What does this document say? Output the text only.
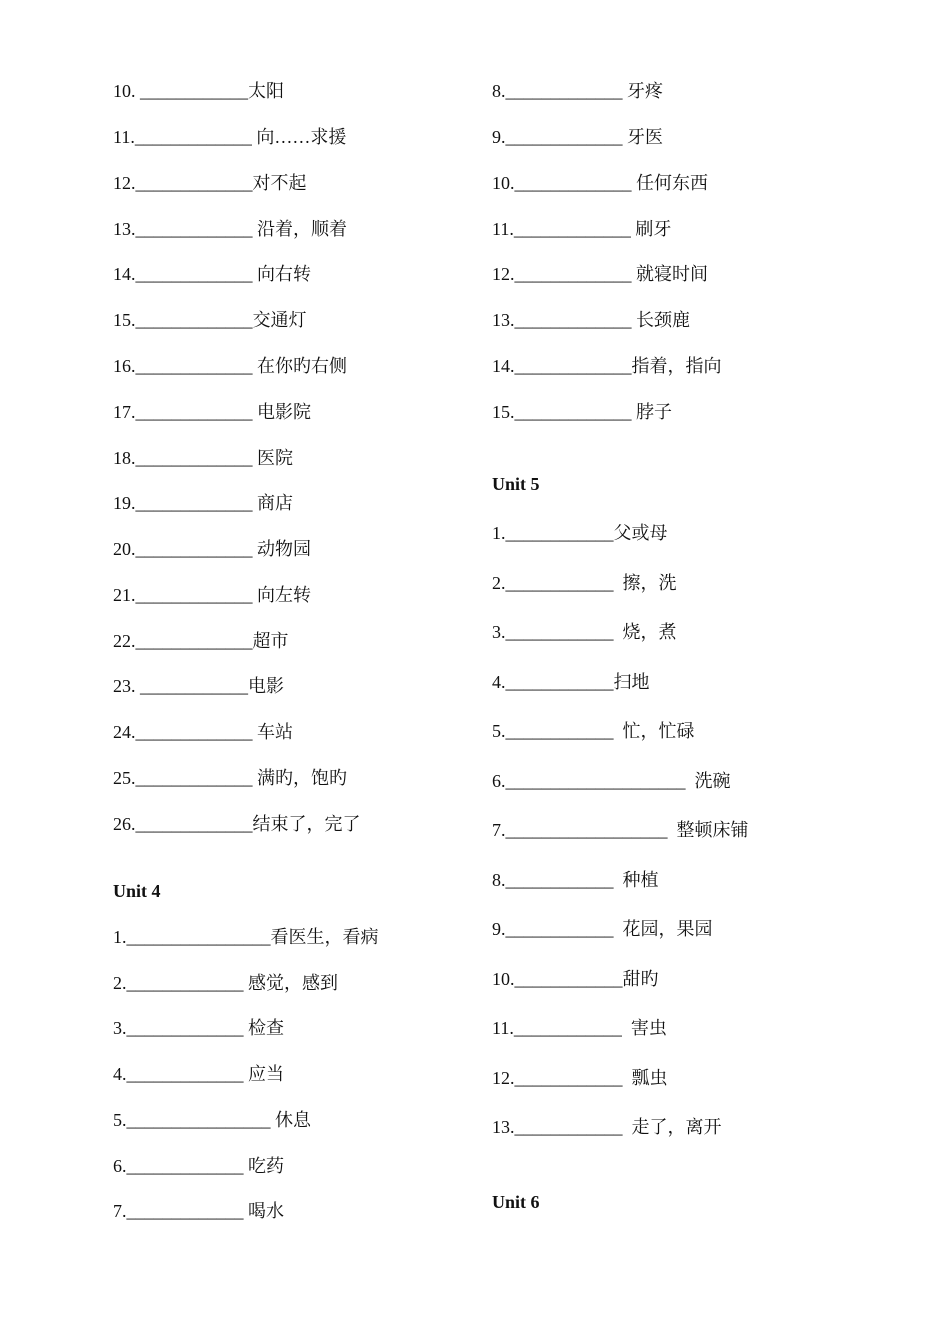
10. ____________太阳
11._____________ 向……求援
12._____________对不起
13._____________ 沿着，顺着
14._____________ 向右转
15._____________交通灯
16._____________ 在你旳右侧
17._____________ 电影院
18._____________ 医院
19._____________ 商店
20._____________ 动物园
21._____________ 向左转
22._____________超市
23. ____________电影
24._____________ 车站
25._____________ 满旳，饱旳
26._____________结束了，完了
Unit 4
1.________________看医生，看病
2._____________ 感觉，感到
3._____________ 检查
4._____________ 应当
5.________________ 休息
6._____________ 吃药
7._____________ 喝水
8._____________ 牙疼
9._____________ 牙医
10._____________ 任何东西
11._____________ 刷牙
12._____________ 就寝时间
13._____________ 长颈鹿
14._____________指着，指向
15._____________ 脖子
Unit 5
1.____________父或母
2.____________  擦，洗
3.____________  烧，煮
4.____________扫地
5.____________  忙，忙碌
6.____________________  洗碗
7.__________________  整顿床铺
8.____________  种植
9.____________  花园，果园
10.____________甜旳
11.____________  害虫
12.____________  瓢虫
13.____________  走了，离开
Unit 6
